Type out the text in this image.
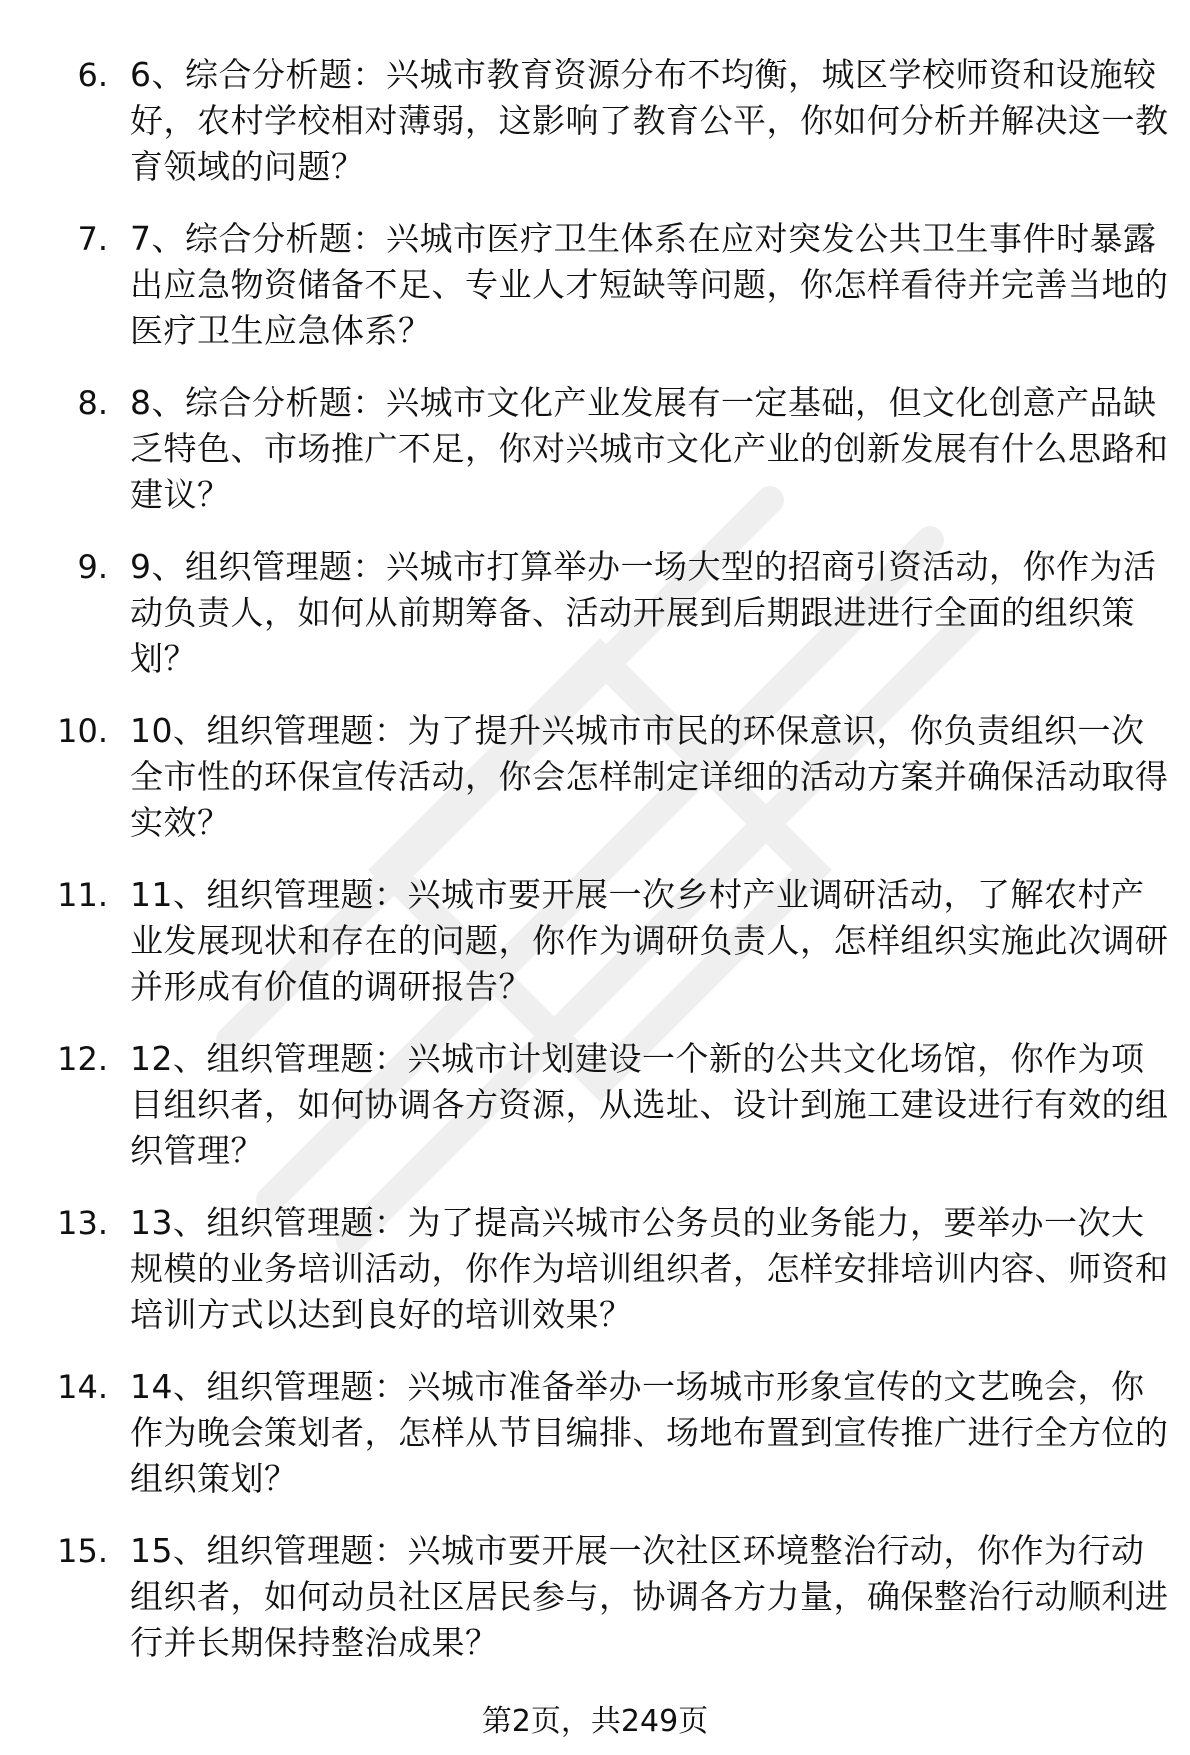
6. 6、综合分析题：兴城市教育资源分布不均衡，城区学校师资和设施较好，农村学校相对薄弱，这影响了教育公平，你如何分析并解决这一教育领域的问题？
7. 7、综合分析题：兴城市医疗卫生体系在应对突发公共卫生事件时暴露出应急物资储备不足、专业人才短缺等问题，你怎样看待并完善当地的医疗卫生应急体系？
8. 8、综合分析题：兴城市文化产业发展有一定基础，但文化创意产品缺乏特色、市场推广不足，你对兴城市文化产业的创新发展有什么思路和建议？
9. 9、组织管理题：兴城市打算举办一场大型的招商引资活动，你作为活动负责人，如何从前期筹备、活动开展到后期跟进进行全面的组织策划？
10. 10、组织管理题：为了提升兴城市市民的环保意识，你负责组织一次全市性的环保宣传活动，你会怎样制定详细的活动方案并确保活动取得实效？
11. 11、组织管理题：兴城市要开展一次乡村产业调研活动，了解农村产业发展现状和存在的问题，你作为调研负责人，怎样组织实施此次调研并形成有价值的调研报告？
12. 12、组织管理题：兴城市计划建设一个新的公共文化场馆，你作为项目组织者，如何协调各方资源，从选址、设计到施工建设进行有效的组织管理？
13. 13、组织管理题：为了提高兴城市公务员的业务能力，要举办一次大规模的业务培训活动，你作为培训组织者，怎样安排培训内容、师资和培训方式以达到良好的培训效果？
14. 14、组织管理题：兴城市准备举办一场城市形象宣传的文艺晚会，你作为晚会策划者，怎样从节目编排、场地布置到宣传推广进行全方位的组织策划？
15. 15、组织管理题：兴城市要开展一次社区环境整治行动，你作为行动组织者，如何动员社区居民参与，协调各方力量，确保整治行动顺利进行并长期保持整治成果？
第2页，共249页
